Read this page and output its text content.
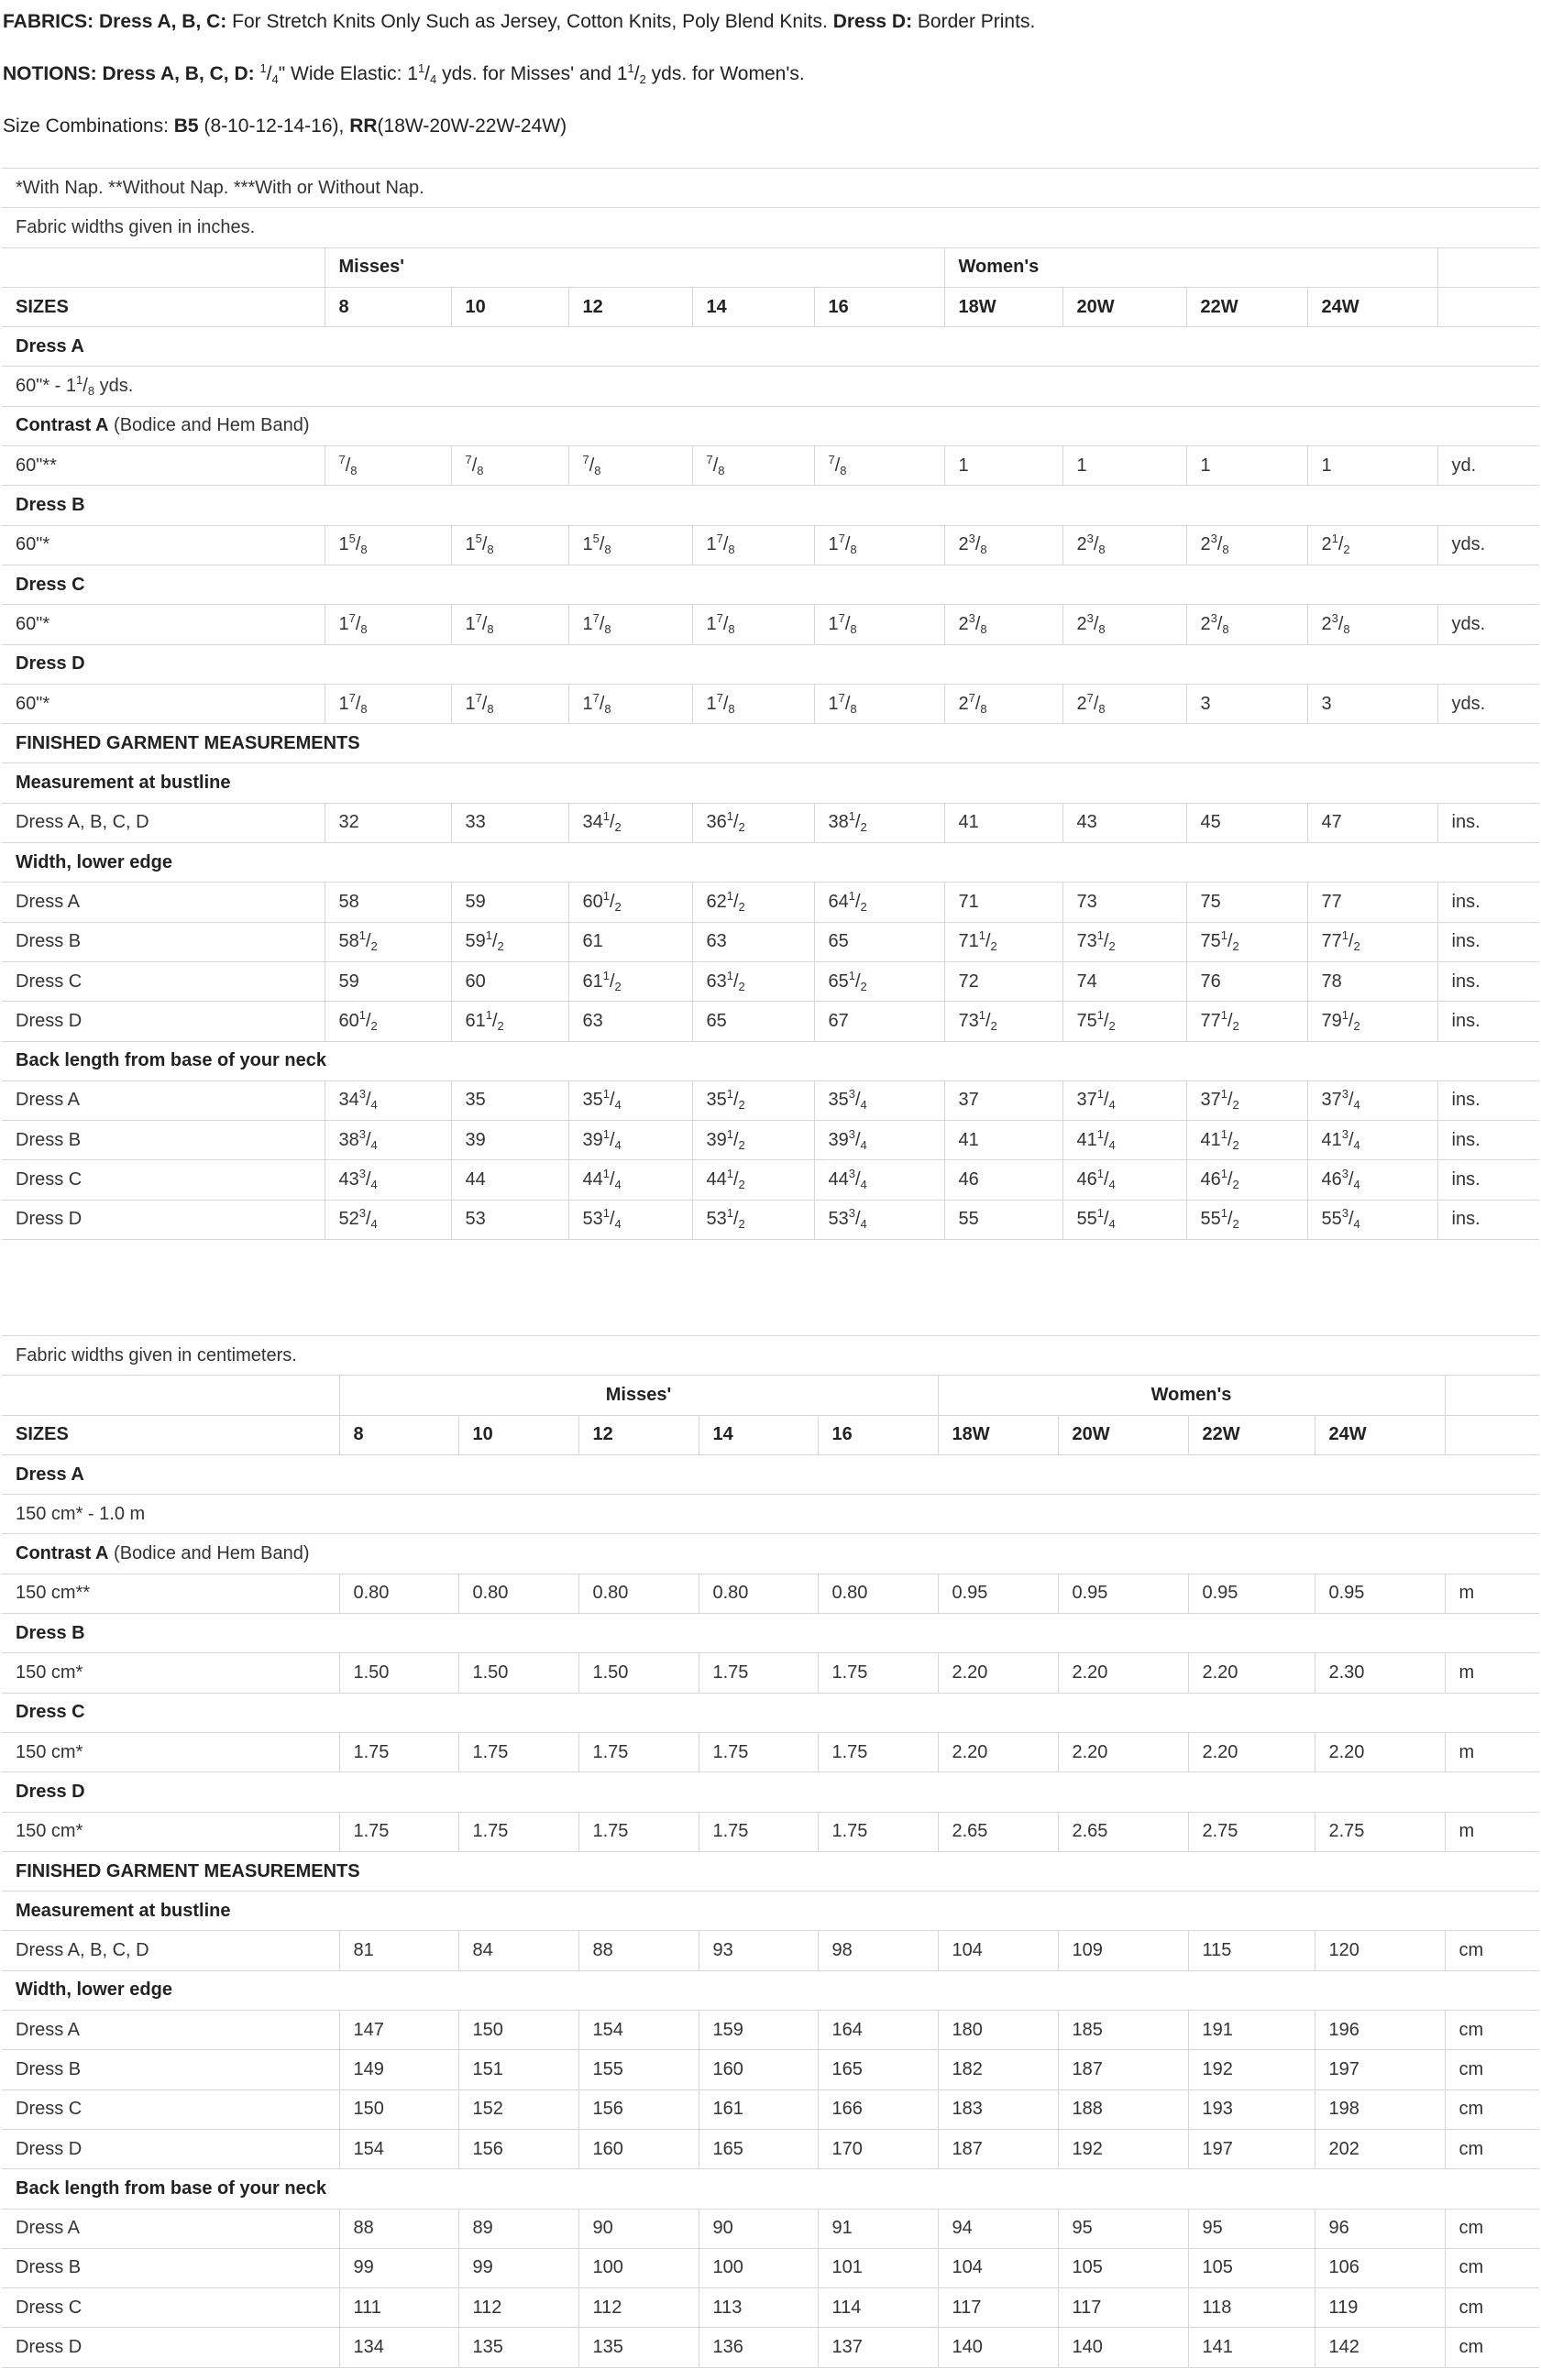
FABRICS: Dress A, B, C: For Stretch Knits Only Such as Jersey, Cotton Knits, Poly Blend Knits. Dress D: Border Prints.

NOTIONS: Dress A, B, C, D: $^1/_4$" Wide Elastic: $1^1/_4$ yds. for Misses' and $1^1/_2$ yds. for Women's.

Size Combinations: B5 (8-10-12-14-16), RR(18W-20W-22W-24W)

*With Nap. **Without Nap. ***With or Without Nap.										
Fabric widths given in inches.										
	Misses'					Women's				
SIZES	8	10	12	14	16	18W	20W	22W	24W	
Dress A										
60"* - $1^1/_8$ yds.										
Contrast A (Bodice and Hem Band)										
60"**	$^7/_8$	$^7/_8$	$^7/_8$	$^7/_8$	$^7/_8$	1	1	1	1	yd.
Dress B										
60"*	$1^5/_8$	$1^5/_8$	$1^5/_8$	$1^7/_8$	$1^7/_8$	$2^3/_8$	$2^3/_8$	$2^3/_8$	$2^1/_2$	yds.
Dress C										
60"*	$1^7/_8$	$1^7/_8$	$1^7/_8$	$1^7/_8$	$1^7/_8$	$2^3/_8$	$2^3/_8$	$2^3/_8$	$2^3/_8$	yds.
Dress D										
60"*	$1^7/_8$	$1^7/_8$	$1^7/_8$	$1^7/_8$	$1^7/_8$	$2^7/_8$	$2^7/_8$	3	3	yds.
FINISHED GARMENT MEASUREMENTS										
Measurement at bustline										
Dress A, B, C, D	32	33	$34^1/_2$	$36^1/_2$	$38^1/_2$	41	43	45	47	ins.
Width, lower edge										
Dress A	58	59	$60^1/_2$	$62^1/_2$	$64^1/_2$	71	73	75	77	ins.
Dress B	$58^1/_2$	$59^1/_2$	61	63	65	$71^1/_2$	$73^1/_2$	$75^1/_2$	$77^1/_2$	ins.
Dress C	59	60	$61^1/_2$	$63^1/_2$	$65^1/_2$	72	74	76	78	ins.
Dress D	$60^1/_2$	$61^1/_2$	63	65	67	$73^1/_2$	$75^1/_2$	$77^1/_2$	$79^1/_2$	ins.
Back length from base of your neck										
Dress A	$34^3/_4$	35	$35^1/_4$	$35^1/_2$	$35^3/_4$	37	$37^1/_4$	$37^1/_2$	$37^3/_4$	ins.
Dress B	$38^3/_4$	39	$39^1/_4$	$39^1/_2$	$39^3/_4$	41	$41^1/_4$	$41^1/_2$	$41^3/_4$	ins.
Dress C	$43^3/_4$	44	$44^1/_4$	$44^1/_2$	$44^3/_4$	46	$46^1/_4$	$46^1/_2$	$46^3/_4$	ins.
Dress D	$52^3/_4$	53	$53^1/_4$	$53^1/_2$	$53^3/_4$	55	$55^1/_4$	$55^1/_2$	$55^3/_4$	ins.
Fabric widths given in centimeters.										
	Misses'					Women's				
SIZES	8	10	12	14	16	18W	20W	22W	24W	
Dress A										
150 cm* - 1.0 m										
Contrast A (Bodice and Hem Band)										
150 cm**	0.80	0.80	0.80	0.80	0.80	0.95	0.95	0.95	0.95	m
Dress B										
150 cm*	1.50	1.50	1.50	1.75	1.75	2.20	2.20	2.20	2.30	m
Dress C										
150 cm*	1.75	1.75	1.75	1.75	1.75	2.20	2.20	2.20	2.20	m
Dress D										
150 cm*	1.75	1.75	1.75	1.75	1.75	2.65	2.65	2.75	2.75	m
FINISHED GARMENT MEASUREMENTS										
Measurement at bustline										
Dress A, B, C, D	81	84	88	93	98	104	109	115	120	cm
Width, lower edge										
Dress A	147	150	154	159	164	180	185	191	196	cm
Dress B	149	151	155	160	165	182	187	192	197	cm
Dress C	150	152	156	161	166	183	188	193	198	cm
Dress D	154	156	160	165	170	187	192	197	202	cm
Back length from base of your neck										
Dress A	88	89	90	90	91	94	95	95	96	cm
Dress B	99	99	100	100	101	104	105	105	106	cm
Dress C	111	112	112	113	114	117	117	118	119	cm
Dress D	134	135	135	136	137	140	140	141	142	cm
